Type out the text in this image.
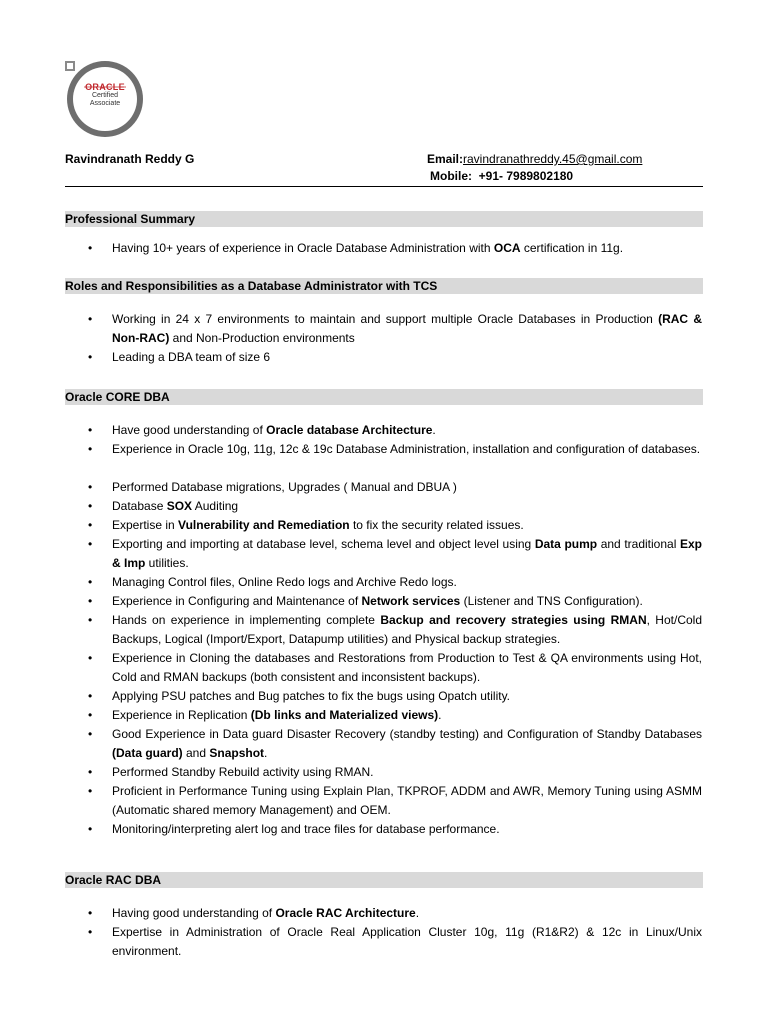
ORACLE
Certified
Associate
Ravindranath Reddy G	Email:ravindranathreddy.45@gmail.com
Mobile: +91- 7989802180
Professional Summary
• Having 10+ years of experience in Oracle Database Administration with OCA certification in 11g.
Roles and Responsibilities as a Database Administrator with TCS
• Working in 24 x 7 environments to maintain and support multiple Oracle Databases in Production (RAC & Non-RAC) and Non-Production environments
• Leading a DBA team of size 6
Oracle CORE DBA
• Have good understanding of Oracle database Architecture.
• Experience in Oracle 10g, 11g, 12c & 19c Database Administration, installation and configuration of databases.
• Performed Database migrations, Upgrades ( Manual and DBUA )
• Database SOX Auditing
• Expertise in Vulnerability and Remediation to fix the security related issues.
• Exporting and importing at database level, schema level and object level using Data pump and traditional Exp & Imp utilities.
• Managing Control files, Online Redo logs and Archive Redo logs.
• Experience in Configuring and Maintenance of Network services (Listener and TNS Configuration).
• Hands on experience in implementing complete Backup and recovery strategies using RMAN, Hot/Cold Backups, Logical (Import/Export, Datapump utilities) and Physical backup strategies.
• Experience in Cloning the databases and Restorations from Production to Test & QA environments using Hot, Cold and RMAN backups (both consistent and inconsistent backups).
• Applying PSU patches and Bug patches to fix the bugs using Opatch utility.
• Experience in Replication (Db links and Materialized views).
• Good Experience in Data guard Disaster Recovery (standby testing) and Configuration of Standby Databases (Data guard) and Snapshot.
• Performed Standby Rebuild activity using RMAN.
• Proficient in Performance Tuning using Explain Plan, TKPROF, ADDM and AWR, Memory Tuning using ASMM (Automatic shared memory Management) and OEM.
• Monitoring/interpreting alert log and trace files for database performance.
Oracle RAC DBA
• Having good understanding of Oracle RAC Architecture.
• Expertise in Administration of Oracle Real Application Cluster 10g, 11g (R1&R2) & 12c in Linux/Unix environment.
